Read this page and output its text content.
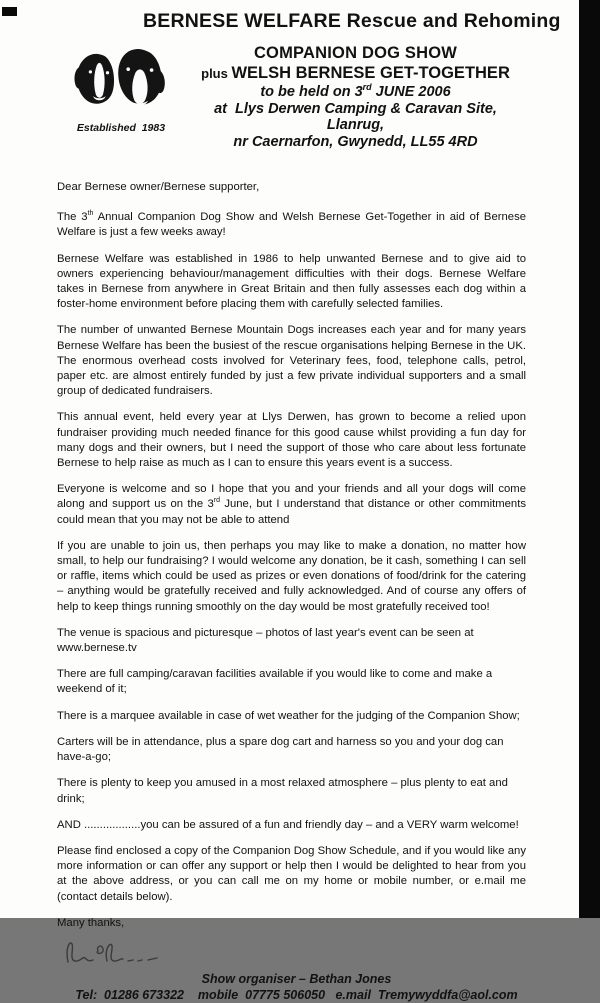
BERNESE WELFARE Rescue and Rehoming
Established  1983
COMPANION DOG SHOW
plus WELSH BERNESE GET-TOGETHER
to be held on 3rd JUNE 2006
at  Llys Derwen Camping & Caravan Site, Llanrug,
nr Caernarfon, Gwynedd, LL55 4RD

Dear Bernese owner/Bernese supporter,

The 3th Annual Companion Dog Show and Welsh Bernese Get-Together in aid of Bernese Welfare is just a few weeks away!

Bernese Welfare was established in 1986 to help unwanted Bernese and to give aid to owners experiencing behaviour/management difficulties with their dogs. Bernese Welfare takes in Bernese from anywhere in Great Britain and then fully assesses each dog within a foster-home environment before placing them with carefully selected families.

The number of unwanted Bernese Mountain Dogs increases each year and for many years Bernese Welfare has been the busiest of the rescue organisations helping Bernese in the UK. The enormous overhead costs involved for Veterinary fees, food, telephone calls, petrol, paper etc. are almost entirely funded by just a few private individual supporters and a small group of dedicated fundraisers.

This annual event, held every year at Llys Derwen, has grown to become a relied upon fundraiser providing much needed finance for this good cause whilst providing a fun day for many dogs and their owners, but I need the support of those who care about less fortunate Bernese to help raise as much as I can to ensure this years event is a success.

Everyone is welcome and so I hope that you and your friends and all your dogs will come along and support us on the 3rd June, but I understand that distance or other commitments could mean that you may not be able to attend

If you are unable to join us, then perhaps you may like to make a donation, no matter how small, to help our fundraising? I would welcome any donation, be it cash, something I can sell or raffle, items which could be used as prizes or even donations of food/drink for the catering – anything would be gratefully received and fully acknowledged. And of course any offers of help to keep things running smoothly on the day would be most gratefully received too!

The venue is spacious and picturesque – photos of last year's event can be seen at www.bernese.tv

There are full camping/caravan facilities available if you would like to come and make a weekend of it;

There is a marquee available in case of wet weather for the judging of the Companion Show;

Carters will be in attendance, plus a spare dog cart and harness so you and your dog can have-a-go;

There is plenty to keep you amused in a most relaxed atmosphere – plus plenty to eat and drink;

AND ..................you can be assured of a fun and friendly day – and a VERY warm welcome!

Please find enclosed a copy of the Companion Dog Show Schedule, and if you would like any more information or can offer any support or help then I would be delighted to hear from you at the above address, or you can call me on my home or mobile number, or e.mail me (contact details below).

Many thanks,

Show organiser – Bethan Jones
Tel:  01286 673322    mobile  07775 506050   e.mail  Tremywyddfa@aol.com
